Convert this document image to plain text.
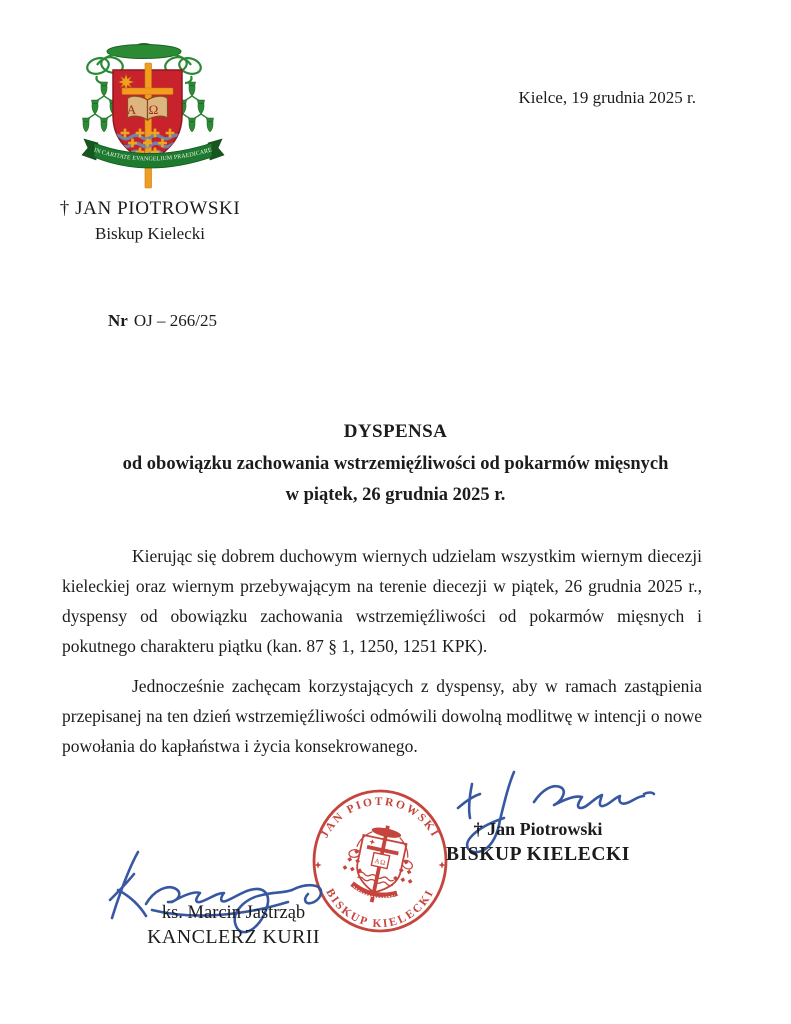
Α Ω
IN CARITATE EVANGELIUM PRAEDICARE
Kielce, 19 grudnia 2025 r.
† JAN PIOTROWSKI
Biskup Kielecki
Nr OJ – 266/25
DYSPENSA
od obowiązku zachowania wstrzemięźliwości od pokarmów mięsnych
w piątek, 26 grudnia 2025 r.

Kierując się dobrem duchowym wiernych udzielam wszystkim wiernym diecezji kieleckiej oraz wiernym przebywającym na terenie diecezji w piątek, 26 grudnia 2025 r., dyspensy od obowiązku zachowania wstrzemięźliwości od pokarmów mięsnych i pokutnego charakteru piątku (kan. 87 § 1, 1250, 1251 KPK).

Jednocześnie zachęcam korzystających z dyspensy, aby w ramach zastąpienia przepisanej na ten dzień wstrzemięźliwości odmówili dowolną modlitwę w intencji o nowe powołania do kapłaństwa i życia konsekrowanego.

JAN PIOTROWSKI
BISKUP KIELECKI
ΑΩ
ks. Marcin Jastrząb
KANCLERZ KURII
† Jan Piotrowski
BISKUP KIELECKI
